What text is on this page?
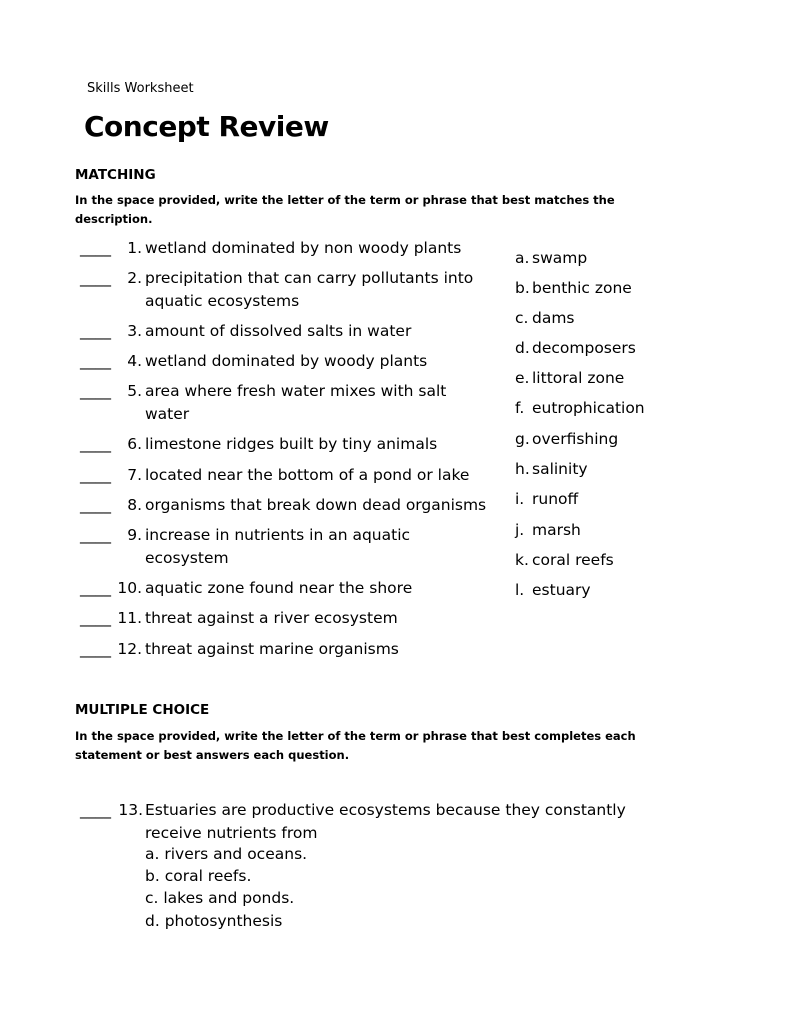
Skills Worksheet
Concept Review
MATCHING
In the space provided, write the letter of the term or phrase that best matches the description.
____	1. wetland dominated by non woody plants
____	2. precipitation that can carry pollutants into aquatic ecosystems
____	3. amount of dissolved salts in water
____	4. wetland dominated by woody plants
____	5. area where fresh water mixes with salt water
____	6. limestone ridges built by tiny animals
____	7. located near the bottom of a pond or lake
____	8. organisms that break down dead organisms
____	9. increase in nutrients in an aquatic ecosystem
____ 10. aquatic zone found near the shore
____ 11. threat against a river ecosystem
____ 12. threat against marine organisms
a. swamp
b. benthic zone
c. dams
d. decomposers
e. littoral zone
f. eutrophication
g. overfishing
h. salinity
i. runoff
j. marsh
k. coral reefs
l. estuary
MULTIPLE CHOICE
In the space provided, write the letter of the term or phrase that best completes each statement or best answers each question.
____ 13. Estuaries are productive ecosystems because they constantly receive nutrients from
a. rivers and oceans.
b. coral reefs.
c. lakes and ponds.
d. photosynthesis
